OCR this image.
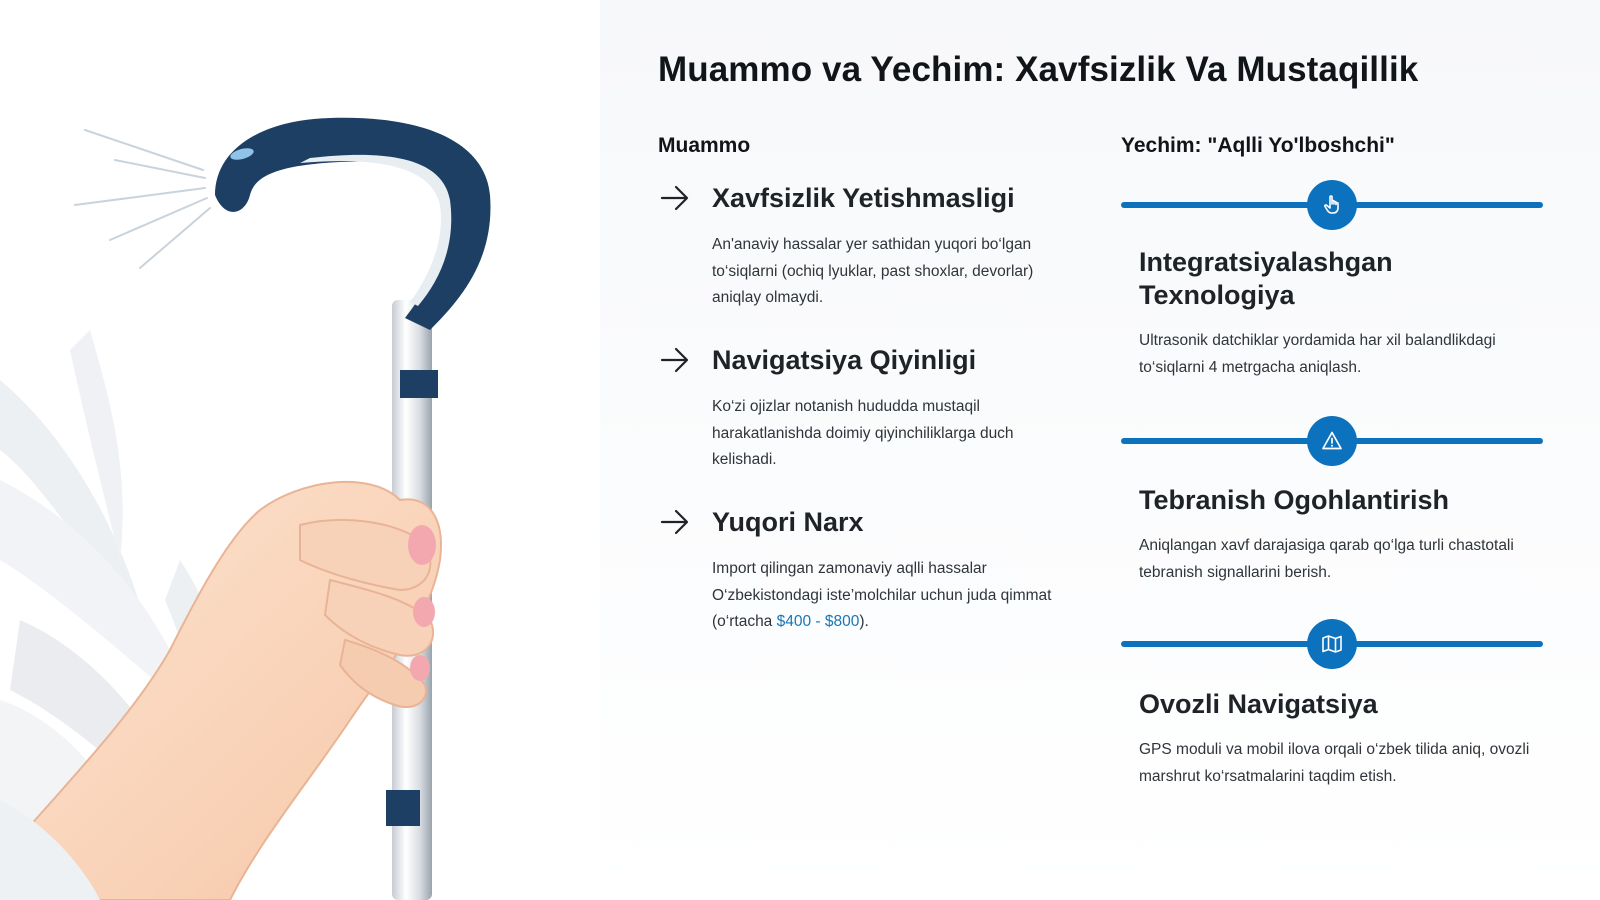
Muammo va Yechim: Xavfsizlik Va Mustaqillik
Muammo	Yechim: "Aqlli Yo'lboshchi"
Xavfsizlik Yetishmasligi

An'anaviy hassalar yer sathidan yuqori bo‘lgan to‘siqlarni (ochiq lyuklar, past shoxlar, devorlar) aniqlay olmaydi.

Navigatsiya Qiyinligi

Ko‘zi ojizlar notanish hududda mustaqil harakatlanishda doimiy qiyinchiliklarga duch kelishadi.

Yuqori Narx

Import qilingan zamonaviy aqlli hassalar O‘zbekistondagi iste’molchilar uchun juda qimmat (o‘rtacha $400 - $800).

Integratsiyalashgan Texnologiya

Ultrasonik datchiklar yordamida har xil balandlikdagi to‘siqlarni 4 metrgacha aniqlash.

Tebranish Ogohlantirish

Aniqlangan xavf darajasiga qarab qo‘lga turli chastotali tebranish signallarini berish.

Ovozli Navigatsiya

GPS moduli va mobil ilova orqali o‘zbek tilida aniq, ovozli marshrut ko‘rsatmalarini taqdim etish.
